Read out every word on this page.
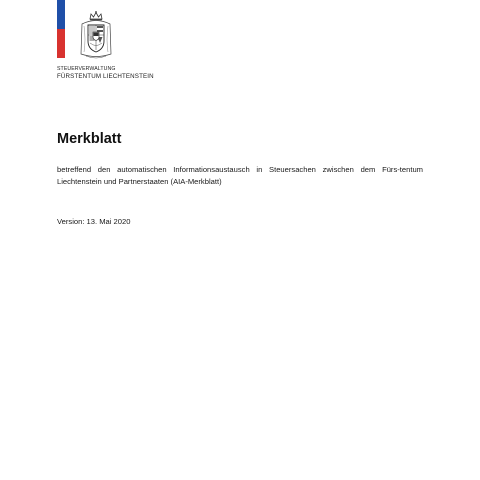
STEUERVERWALTUNG
FÜRSTENTUM LIECHTENSTEIN
Merkblatt

betreffend den automatischen Informationsaustausch in Steuersachen zwischen dem Fürs-tentum Liechtenstein und Partnerstaaten (AIA-Merkblatt)

Version: 13. Mai 2020
